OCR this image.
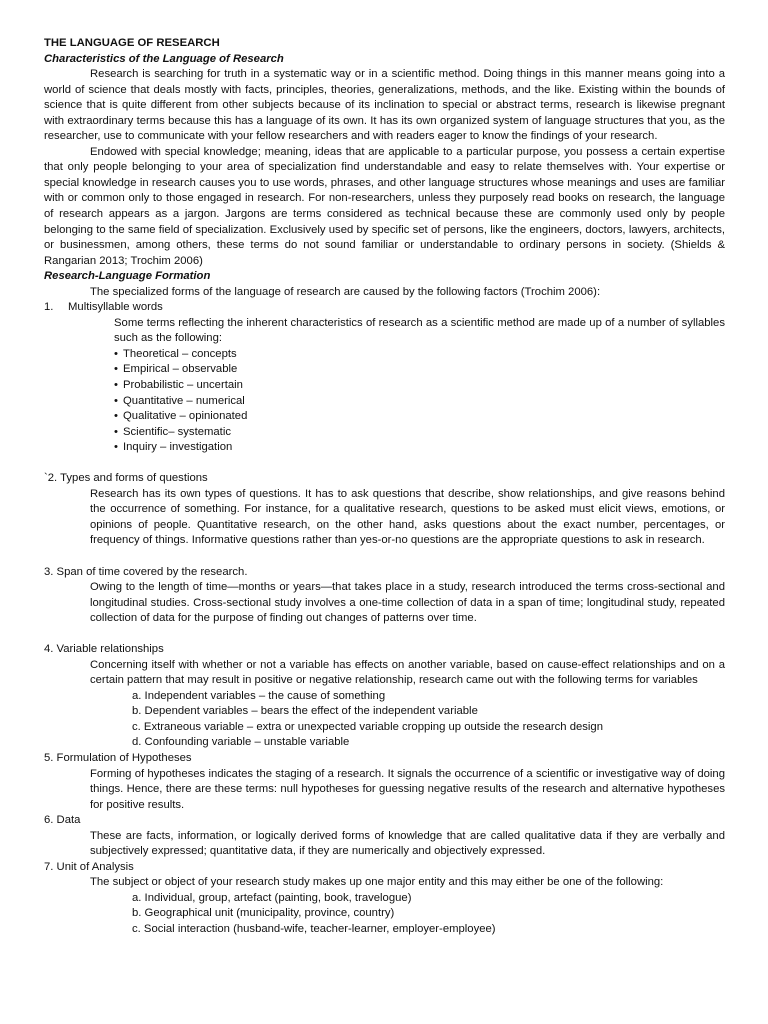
THE LANGUAGE OF RESEARCH

Characteristics of the Language of Research

Research is searching for truth in a systematic way or in a scientific method. Doing things in this manner means going into a world of science that deals mostly with facts, principles, theories, generalizations, methods, and the like. Existing within the bounds of science that is quite different from other subjects because of its inclination to special or abstract terms, research is likewise pregnant with extraordinary terms because this has a language of its own. It has its own organized system of language structures that you, as the researcher, use to communicate with your fellow researchers and with readers eager to know the findings of your research.

Endowed with special knowledge; meaning, ideas that are applicable to a particular purpose, you possess a certain expertise that only people belonging to your area of specialization find understandable and easy to relate themselves with. Your expertise or special knowledge in research causes you to use words, phrases, and other language structures whose meanings and uses are familiar with or common only to those engaged in research. For non-researchers, unless they purposely read books on research, the language of research appears as a jargon. Jargons are terms considered as technical because these are commonly used only by people belonging to the same field of specialization. Exclusively used by specific set of persons, like the engineers, doctors, lawyers, architects, or businessmen, among others, these terms do not sound familiar or understandable to ordinary persons in society. (Shields & Rangarian 2013; Trochim 2006)

Research-Language Formation

The specialized forms of the language of research are caused by the following factors (Trochim 2006):

1.	Multisyllable words

Some terms reflecting the inherent characteristics of research as a scientific method are made up of a number of syllables such as the following:

• Theoretical – concepts
• Empirical – observable
• Probabilistic – uncertain
• Quantitative – numerical
• Qualitative – opinionated
• Scientific– systematic
• Inquiry – investigation

`2. Types and forms of questions

Research has its own types of questions. It has to ask questions that describe, show relationships, and give reasons behind the occurrence of something. For instance, for a qualitative research, questions to be asked must elicit views, emotions, or opinions of people. Quantitative research, on the other hand, asks questions about the exact number, percentages, or frequency of things. Informative questions rather than yes-or-no questions are the appropriate questions to ask in research.

3. Span of time covered by the research.

Owing to the length of time—months or years—that takes place in a study, research introduced the terms cross-sectional and longitudinal studies. Cross-sectional study involves a one-time collection of data in a span of time; longitudinal study, repeated collection of data for the purpose of finding out changes of patterns over time.

4. Variable relationships

Concerning itself with whether or not a variable has effects on another variable, based on cause-effect relationships and on a certain pattern that may result in positive or negative relationship, research came out with the following terms for variables

a. Independent variables – the cause of something
b. Dependent variables – bears the effect of the independent variable
c. Extraneous variable – extra or unexpected variable cropping up outside the research design
d. Confounding variable – unstable variable

5. Formulation of Hypotheses

Forming of hypotheses indicates the staging of a research. It signals the occurrence of a scientific or investigative way of doing things. Hence, there are these terms: null hypotheses for guessing negative results of the research and alternative hypotheses for positive results.

6. Data

These are facts, information, or logically derived forms of knowledge that are called qualitative data if they are verbally and subjectively expressed; quantitative data, if they are numerically and objectively expressed.

7. Unit of Analysis

The subject or object of your research study makes up one major entity and this may either be one of the following:

a. Individual, group, artefact (painting, book, travelogue)
b. Geographical unit (municipality, province, country)
c. Social interaction (husband-wife, teacher-learner, employer-employee)
